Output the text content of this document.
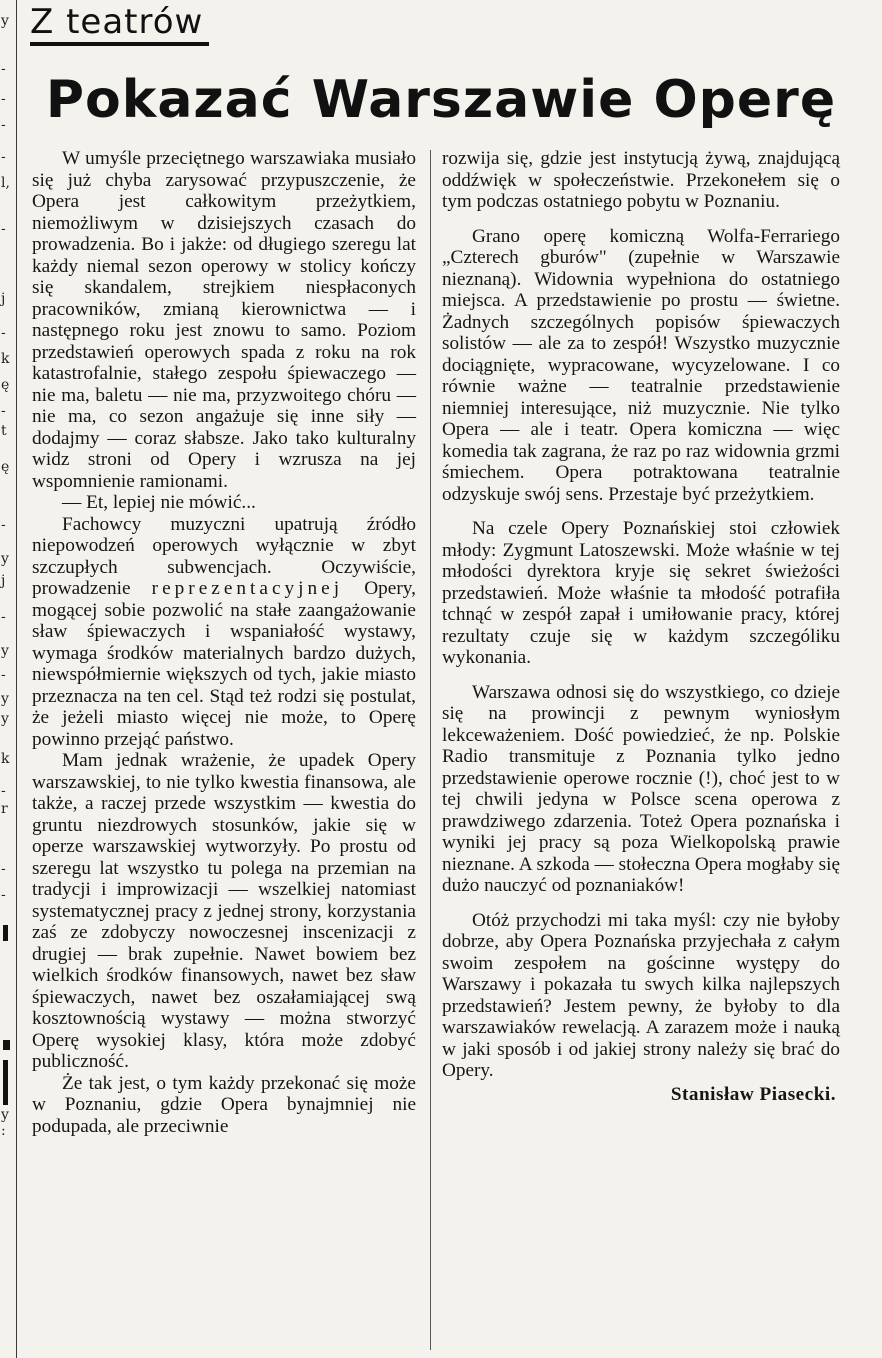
y
-
-
-
-
l,
-
j
-
k
ę
-
t
ę
-
y
j
-
y
-
y
y
k
-
r
-
-
y
:
Z teatrów
Pokazać Warszawie Operę

W umyśle przeciętnego warszawiaka musiało się już chyba zarysować przypuszczenie, że Opera jest całkowitym przeżytkiem, niemożliwym w dzisiejszych czasach do prowadzenia. Bo i jakże: od długiego szeregu lat każdy niemal sezon operowy w stolicy kończy się skandalem, strejkiem niespłaconych pracowników, zmianą kierownictwa — i następnego roku jest znowu to samo. Poziom przedstawień operowych spada z roku na rok katastrofalnie, stałego zespołu śpiewaczego — nie ma, baletu — nie ma, przyzwoitego chóru — nie ma, co sezon angażuje się inne siły — dodajmy — coraz słabsze. Jako tako kulturalny widz stroni od Opery i wzrusza na jej wspomnienie ramionami.

— Et, lepiej nie mówić...

Fachowcy muzyczni upatrują źródło niepowodzeń operowych wyłącznie w zbyt szczupłych subwencjach. Oczywiście, prowadzenie reprezentacyjnej Opery, mogącej sobie pozwolić na stałe zaangażowanie sław śpiewaczych i wspaniałość wystawy, wymaga środków materialnych bardzo dużych, niewspółmiernie większych od tych, jakie miasto przeznacza na ten cel. Stąd też rodzi się postulat, że jeżeli miasto więcej nie może, to Operę powinno przejąć państwo.

Mam jednak wrażenie, że upadek Opery warszawskiej, to nie tylko kwestia finansowa, ale także, a raczej przede wszystkim — kwestia do gruntu niezdrowych stosunków, jakie się w operze warszawskiej wytworzyły. Po prostu od szeregu lat wszystko tu polega na przemian na tradycji i improwizacji — wszelkiej natomiast systematycznej pracy z jednej strony, korzystania zaś ze zdobyczy nowoczesnej inscenizacji z drugiej — brak zupełnie. Nawet bowiem bez wielkich środków finansowych, nawet bez sław śpiewaczych, nawet bez oszałamiającej swą kosztownością wystawy — można stworzyć Operę wysokiej klasy, która może zdobyć publiczność.

Że tak jest, o tym każdy przekonać się może w Poznaniu, gdzie Opera bynajmniej nie podupada, ale przeciwnie

rozwija się, gdzie jest instytucją żywą, znajdującą oddźwięk w społeczeństwie. Przekonełem się o tym podczas ostatniego pobytu w Poznaniu.

Grano operę komiczną Wolfa-Ferrariego „Czterech gburów" (zupełnie w Warszawie nieznaną). Widownia wypełniona do ostatniego miejsca. A przedstawienie po prostu — świetne. Żadnych szczególnych popisów śpiewaczych solistów — ale za to zespół! Wszystko muzycznie dociągnięte, wypracowane, wycyzelowane. I co równie ważne — teatralnie przedstawienie niemniej interesujące, niż muzycznie. Nie tylko Opera — ale i teatr. Opera komiczna — więc komedia tak zagrana, że raz po raz widownia grzmi śmiechem. Opera potraktowana teatralnie odzyskuje swój sens. Przestaje być przeżytkiem.

Na czele Opery Poznańskiej stoi człowiek młody: Zygmunt Latoszewski. Może właśnie w tej młodości dyrektora kryje się sekret świeżości przedstawień. Może właśnie ta młodość potrafiła tchnąć w zespół zapał i umiłowanie pracy, której rezultaty czuje się w każdym szczególiku wykonania.

Warszawa odnosi się do wszystkiego, co dzieje się na prowincji z pewnym wyniosłym lekceważeniem. Dość powiedzieć, że np. Polskie Radio transmituje z Poznania tylko jedno przedstawienie operowe rocznie (!), choć jest to w tej chwili jedyna w Polsce scena operowa z prawdziwego zdarzenia. Toteż Opera poznańska i wyniki jej pracy są poza Wielkopolską prawie nieznane. A szkoda — stołeczna Opera mogłaby się dużo nauczyć od poznaniaków!

Otóż przychodzi mi taka myśl: czy nie byłoby dobrze, aby Opera Poznańska przyjechała z całym swoim zespołem na gościnne występy do Warszawy i pokazała tu swych kilka najlepszych przedstawień? Jestem pewny, że byłoby to dla warszawiaków rewelacją. A zarazem może i nauką w jaki sposób i od jakiej strony należy się brać do Opery.

Stanisław Piasecki.
